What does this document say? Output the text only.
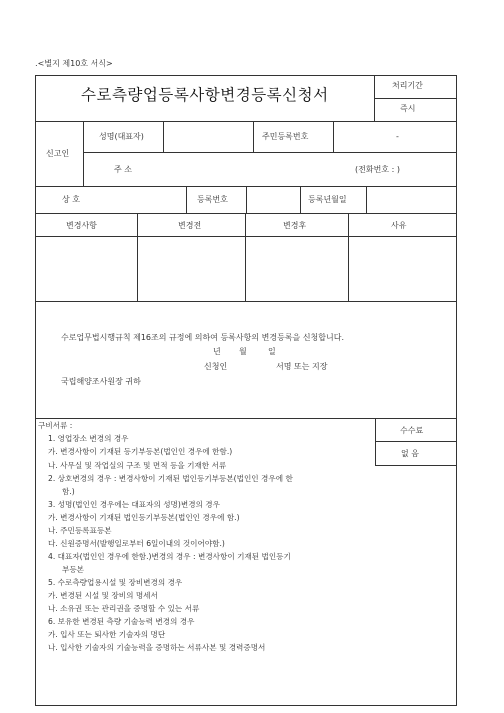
․<별지 제10호 서식>
수로측량업등록사항변경등록신청서
처리기간
즉시
신고인
성명(대표자)	주민등록번호	-
주 소	(전화번호 : )
상 호	등록번호	등록년월일
변경사항	변경전	변경후	사유
수로업무법시행규칙 제16조의 규정에 의하여 등록사항의 변경등록을 신청합니다.
년 월	일
신청인	서명 또는 지장
국립해양조사원장 귀하
수수료
없 음
구비서류 :
1. 영업장소 변경의 경우
가. 변경사항이 기재된 등기부등본(법인인 경우에 한함.)
나. 사무실 및 작업실의 구조 및 면적 등을 기재한 서류
2. 상호변경의 경우 : 변경사항이 기재된 법인등기부등본(법인인 경우에 한
함.)
3. 성명(법인인 경우에는 대표자의 성명)변경의 경우
가. 변경사항이 기재된 법인등기부등본(법인인 경우에 함.)
나. 주민등록표등본
다. 신원증명서(발행일로부터 6일이내의 것이어야함.)
4. 대표자(법인인 경우에 한함.)변경의 경우 : 변경사항이 기재된 법인등기
부등본
5. 수로측량업용시설 및 장비변경의 경우
가. 변경된 시설 및 장비의 명세서
나. 소유권 또는 관리권을 증명할 수 있는 서류
6. 보유한 변경된 측량 기술능력 변경의 경우
가. 입사 또는 퇴사한 기술자의 명단
나. 입사한 기술자의 기술능력을 증명하는 서류사본 및 경력증명서
